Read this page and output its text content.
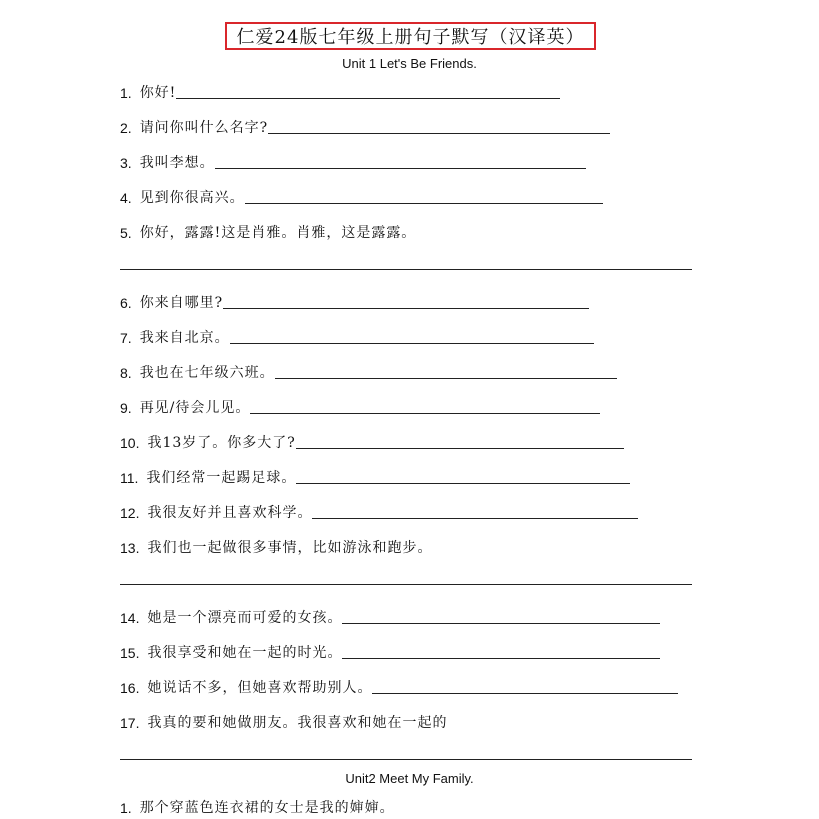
仁爱24版七年级上册句子默写（汉译英）
Unit 1 Let's Be Friends.
1. 你好!
2. 请问你叫什么名字?
3. 我叫李想。
4. 见到你很高兴。
5. 你好，露露!这是肖雅。肖雅，这是露露。
6. 你来自哪里?
7. 我来自北京。
8. 我也在七年级六班。
9. 再见/待会儿见。
10. 我13岁了。你多大了?
11. 我们经常一起踢足球。
12. 我很友好并且喜欢科学。
13. 我们也一起做很多事情，比如游泳和跑步。
14. 她是一个漂亮而可爱的女孩。
15. 我很享受和她在一起的时光。
16. 她说话不多，但她喜欢帮助别人。
17. 我真的要和她做朋友。我很喜欢和她在一起的
Unit2 Meet My Family.
1. 那个穿蓝色连衣裙的女士是我的婶婶。
